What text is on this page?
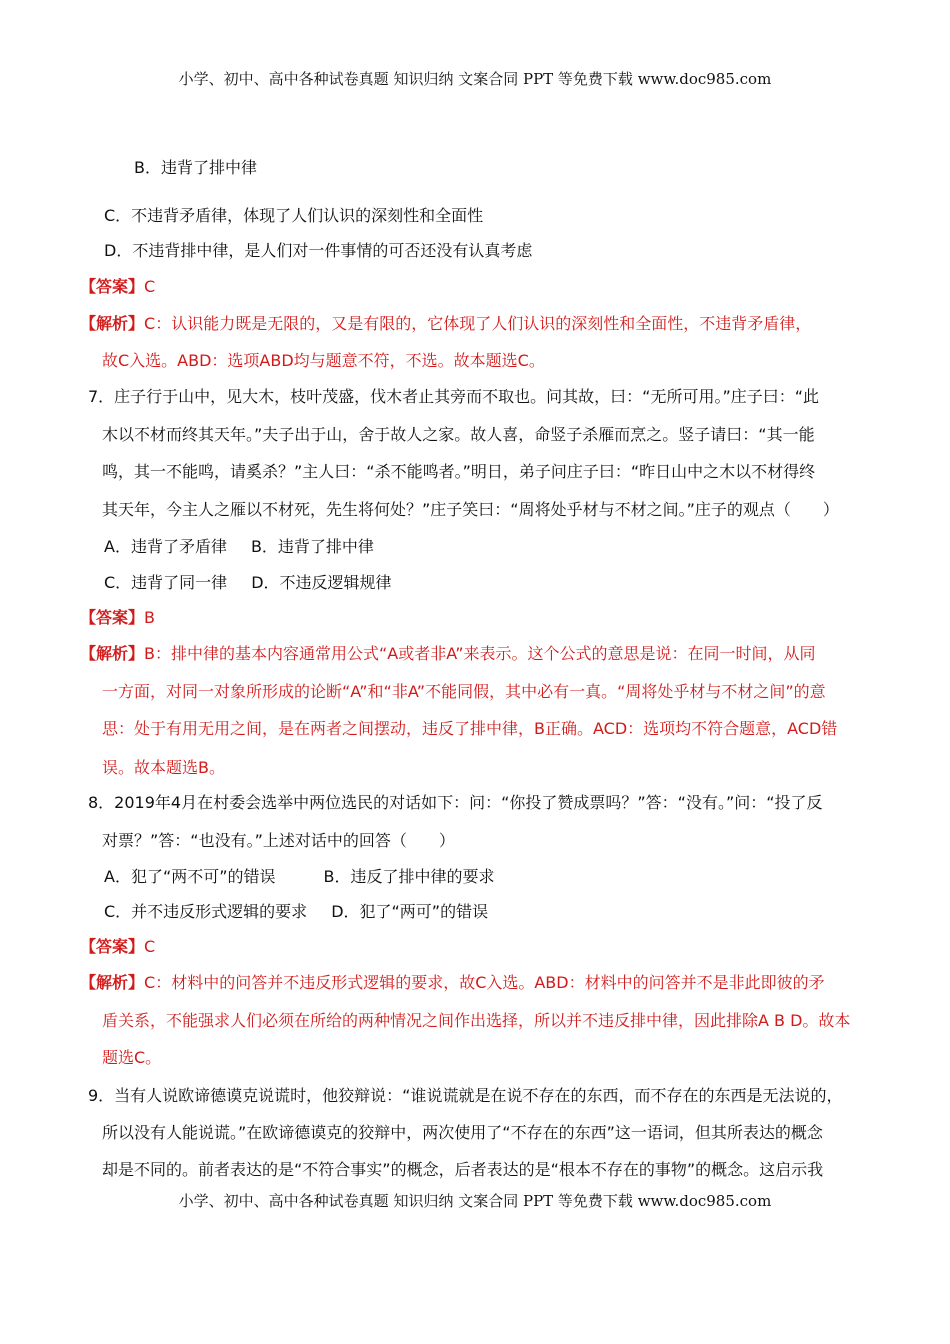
小学、初中、高中各种试卷真题 知识归纳 文案合同 PPT 等免费下载 www.doc985.com
B．违背了排中律
C．不违背矛盾律，体现了人们认识的深刻性和全面性
D．不违背排中律，是人们对一件事情的可否还没有认真考虑
【答案】C
【解析】C：认识能力既是无限的，又是有限的，它体现了人们认识的深刻性和全面性，不违背矛盾律，
故C入选。ABD：选项ABD均与题意不符，不选。故本题选C。
7．庄子行于山中，见大木，枝叶茂盛，伐木者止其旁而不取也。问其故，曰：“无所可用。”庄子曰：“此
木以不材而终其天年。”夫子出于山，舍于故人之家。故人喜，命竖子杀雁而烹之。竖子请曰：“其一能
鸣，其一不能鸣，请奚杀？”主人曰：“杀不能鸣者。”明日，弟子问庄子曰：“昨日山中之木以不材得终
其天年，今主人之雁以不材死，先生将何处？”庄子笑曰：“周将处乎材与不材之间。”庄子的观点（　　）
A．违背了矛盾律 B．违背了排中律
C．违背了同一律 D．不违反逻辑规律
【答案】B
【解析】B：排中律的基本内容通常用公式“A或者非A”来表示。这个公式的意思是说：在同一时间，从同
一方面，对同一对象所形成的论断“A”和“非A”不能同假，其中必有一真。“周将处乎材与不材之间”的意
思：处于有用无用之间，是在两者之间摆动，违反了排中律，B正确。ACD：选项均不符合题意，ACD错
误。故本题选B。
8．2019年4月在村委会选举中两位选民的对话如下：问：“你投了赞成票吗？”答：“没有。”问：“投了反
对票？”答：“也没有。”上述对话中的回答（　　）
A．犯了“两不可”的错误	B．违反了排中律的要求
C．并不违反形式逻辑的要求 D．犯了“两可”的错误
【答案】C
【解析】C：材料中的问答并不违反形式逻辑的要求，故C入选。ABD：材料中的问答并不是非此即彼的矛
盾关系，不能强求人们必须在所给的两种情况之间作出选择，所以并不违反排中律，因此排除A B D。故本
题选C。
9．当有人说欧谛德谟克说谎时，他狡辩说：“谁说谎就是在说不存在的东西，而不存在的东西是无法说的，
所以没有人能说谎。”在欧谛德谟克的狡辩中，两次使用了“不存在的东西”这一语词，但其所表达的概念
却是不同的。前者表达的是“不符合事实”的概念，后者表达的是“根本不存在的事物”的概念。这启示我
小学、初中、高中各种试卷真题 知识归纳 文案合同 PPT 等免费下载 www.doc985.com
